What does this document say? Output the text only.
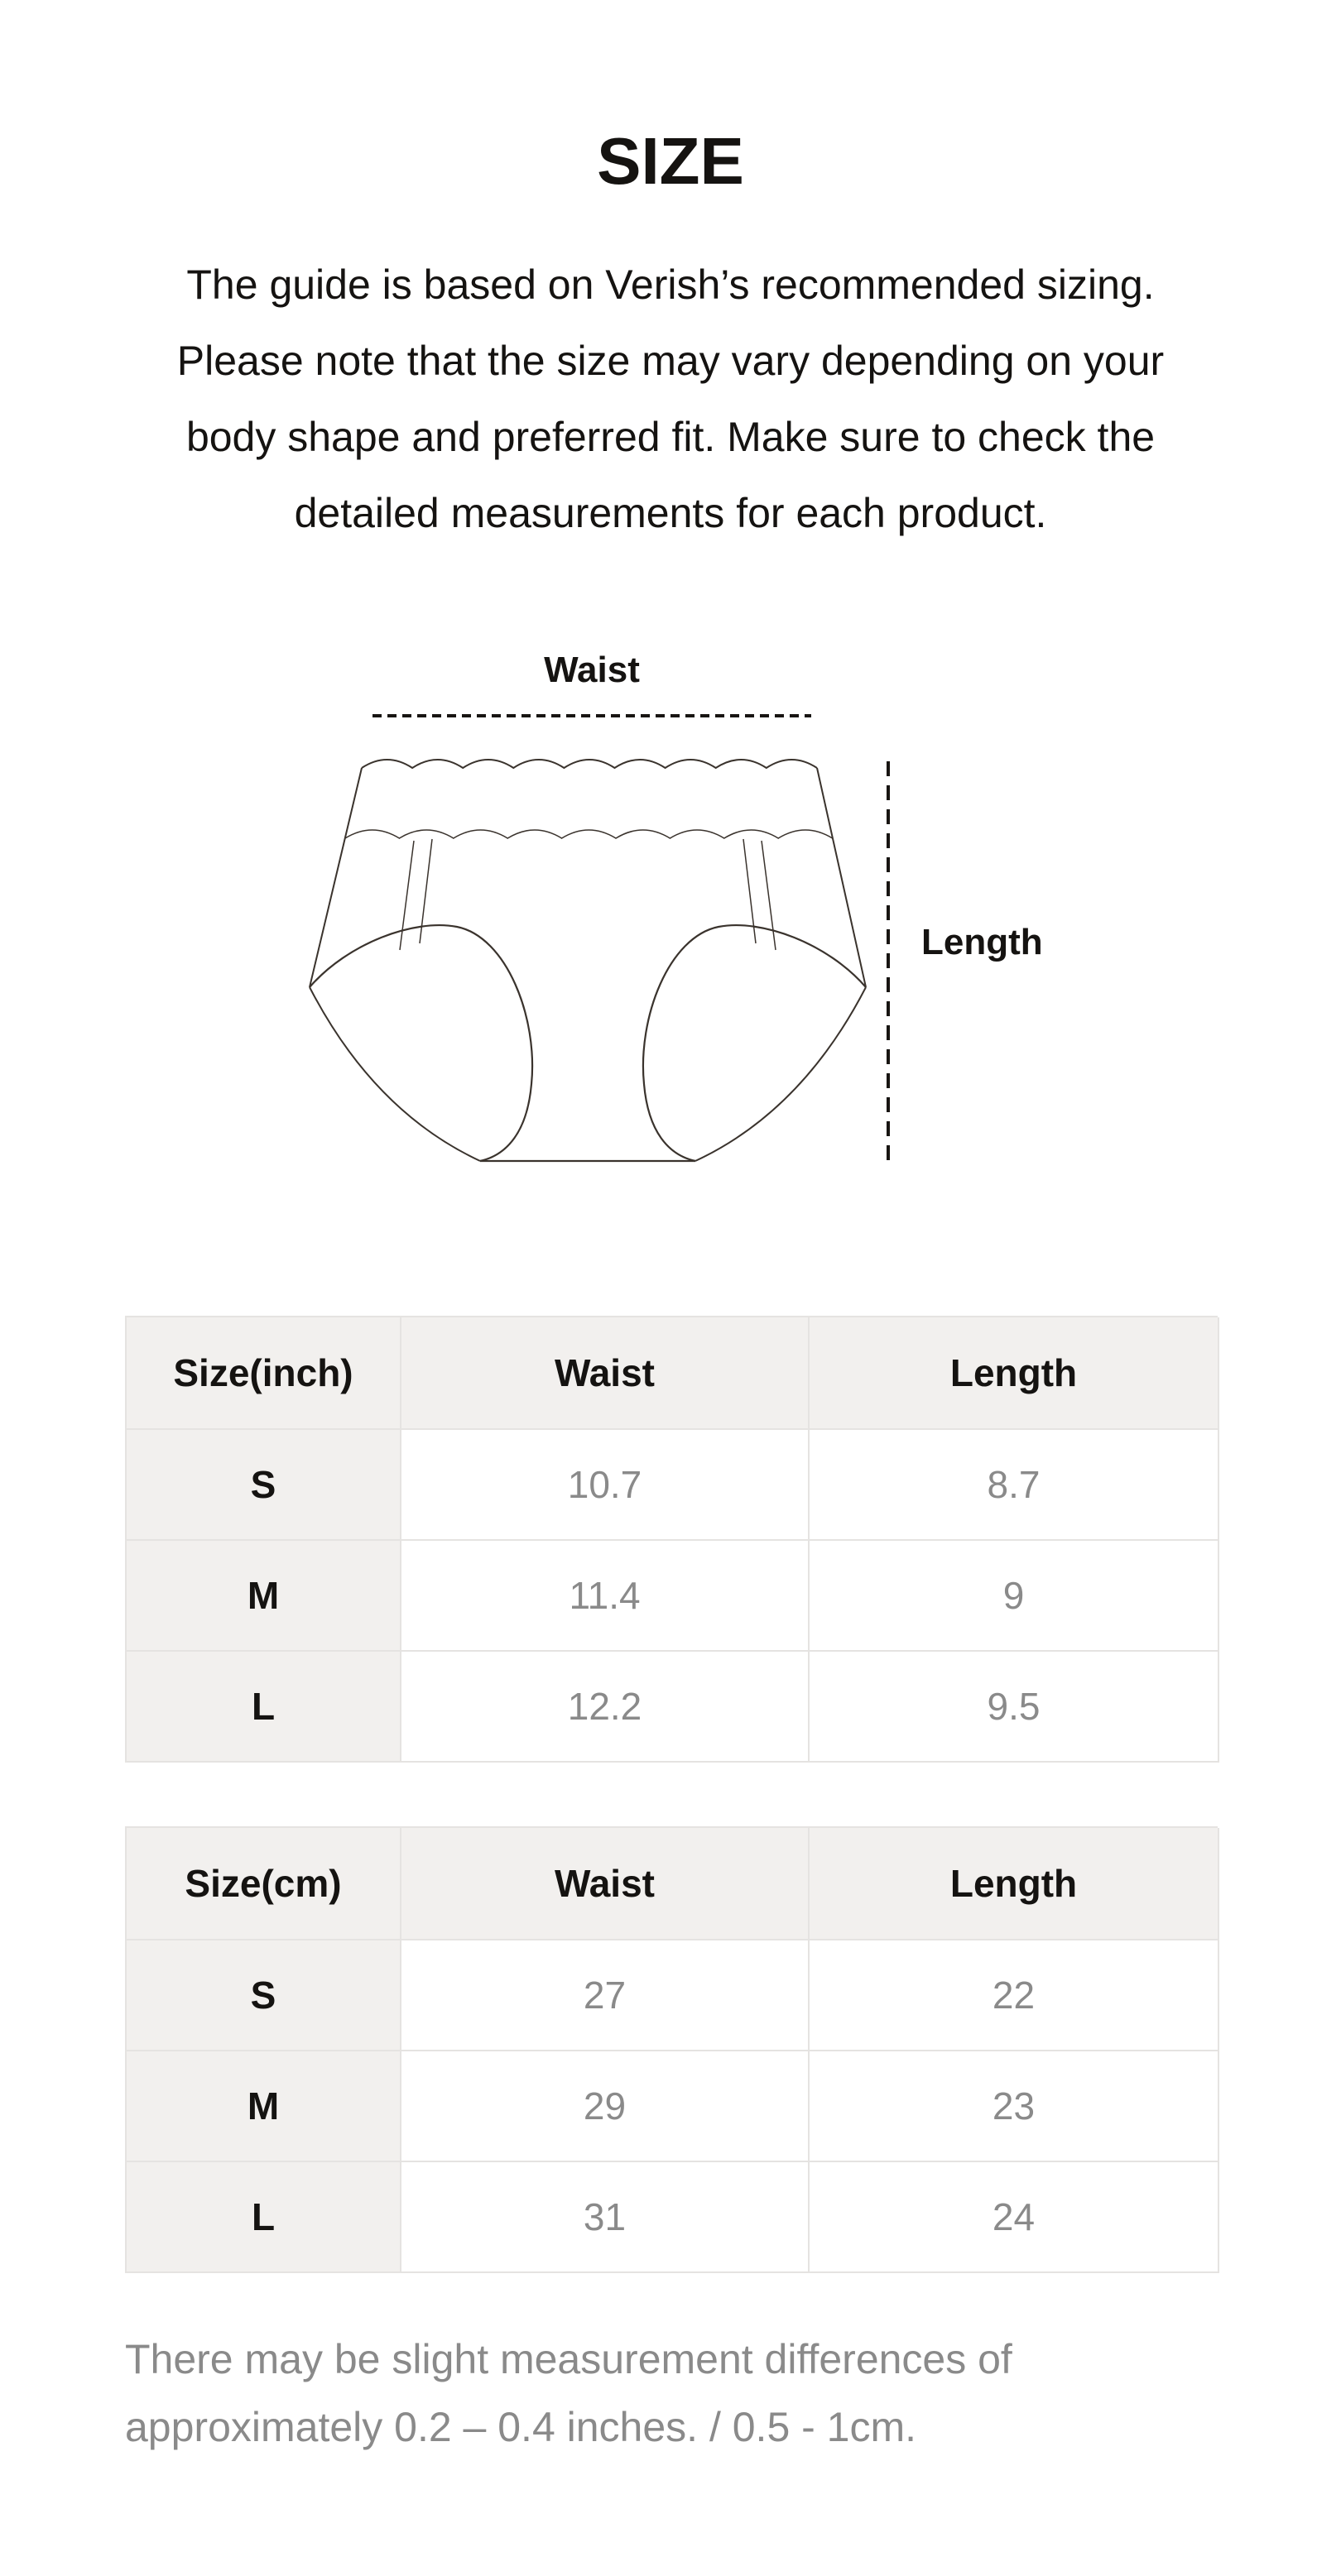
SIZE
The guide is based on Verish’s recommended sizing.
Please note that the size may vary depending on your
body shape and preferred fit. Make sure to check the
detailed measurements for each product.
Waist
Length
Size(inch)	Waist	Length
S	10.7	8.7
M	11.4	9
L	12.2	9.5
Size(cm)	Waist	Length
S	27	22
M	29	23
L	31	24
There may be slight measurement differences of
approximately 0.2 – 0.4 inches. / 0.5 - 1cm.
